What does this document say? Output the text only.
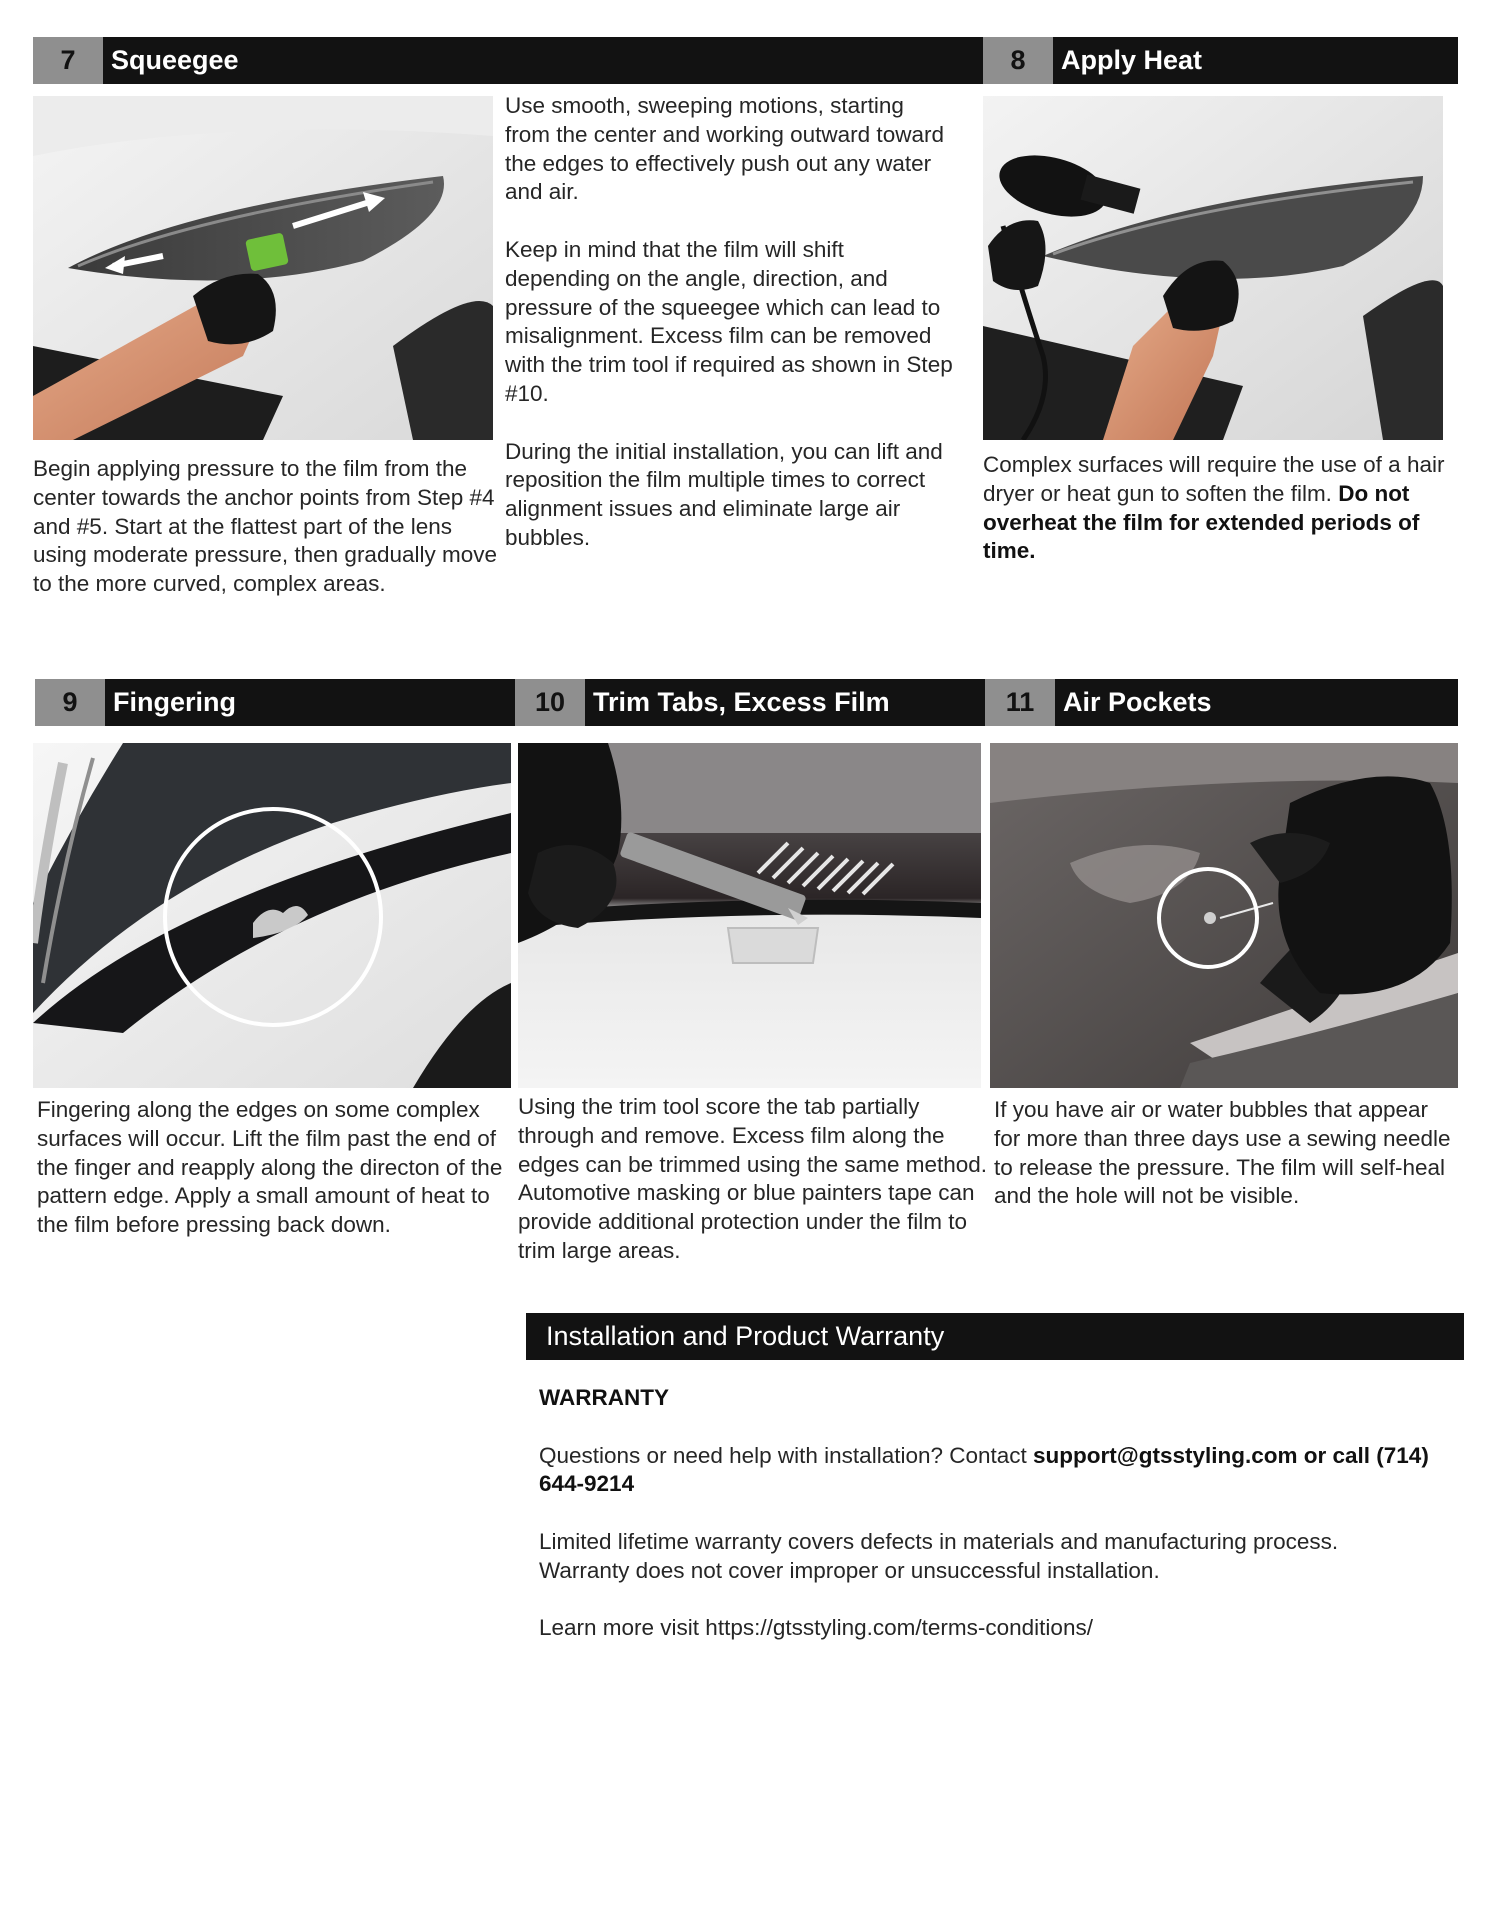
7	Squeegee

Begin applying pressure to the film from the center towards the anchor points from Step #4 and #5. Start at the flattest part of the lens using moderate pressure, then gradually move to the more curved, complex areas.

Use smooth, sweeping motions, starting from the center and working outward toward the edges to effectively push out any water and air.

Keep in mind that the film will shift depending on the angle, direction, and pressure of the squeegee which can lead to misalignment. Excess film can be removed with the trim tool if required as shown in Step #10.

During the initial installation, you can lift and reposition the film multiple times to correct alignment issues and eliminate large air bubbles.

8	Apply Heat

Complex surfaces will require the use of a hair dryer or heat gun to soften the film. Do not overheat the film for extended periods of time.

9	Fingering

Fingering along the edges on some complex surfaces will occur. Lift the film past the end of the finger and reapply along the directon of the pattern edge. Apply a small amount of heat to the film before pressing back down.

10	Trim Tabs, Excess Film

Using the trim tool score the tab partially through and remove. Excess film along the edges can be trimmed using the same method. Automotive masking or blue painters tape can provide additional protection under the film to trim large areas.

11	Air Pockets

If you have air or water bubbles that appear for more than three days use a sewing needle to release the pressure. The film will self-heal and the hole will not be visible.

Installation and Product Warranty

WARRANTY

Questions or need help with installation? Contact support@gtsstyling.com or call (714) 644-9214

Limited lifetime warranty covers defects in materials and manufacturing process.
Warranty does not cover improper or unsuccessful installation.

Learn more visit https://gtsstyling.com/terms-conditions/
